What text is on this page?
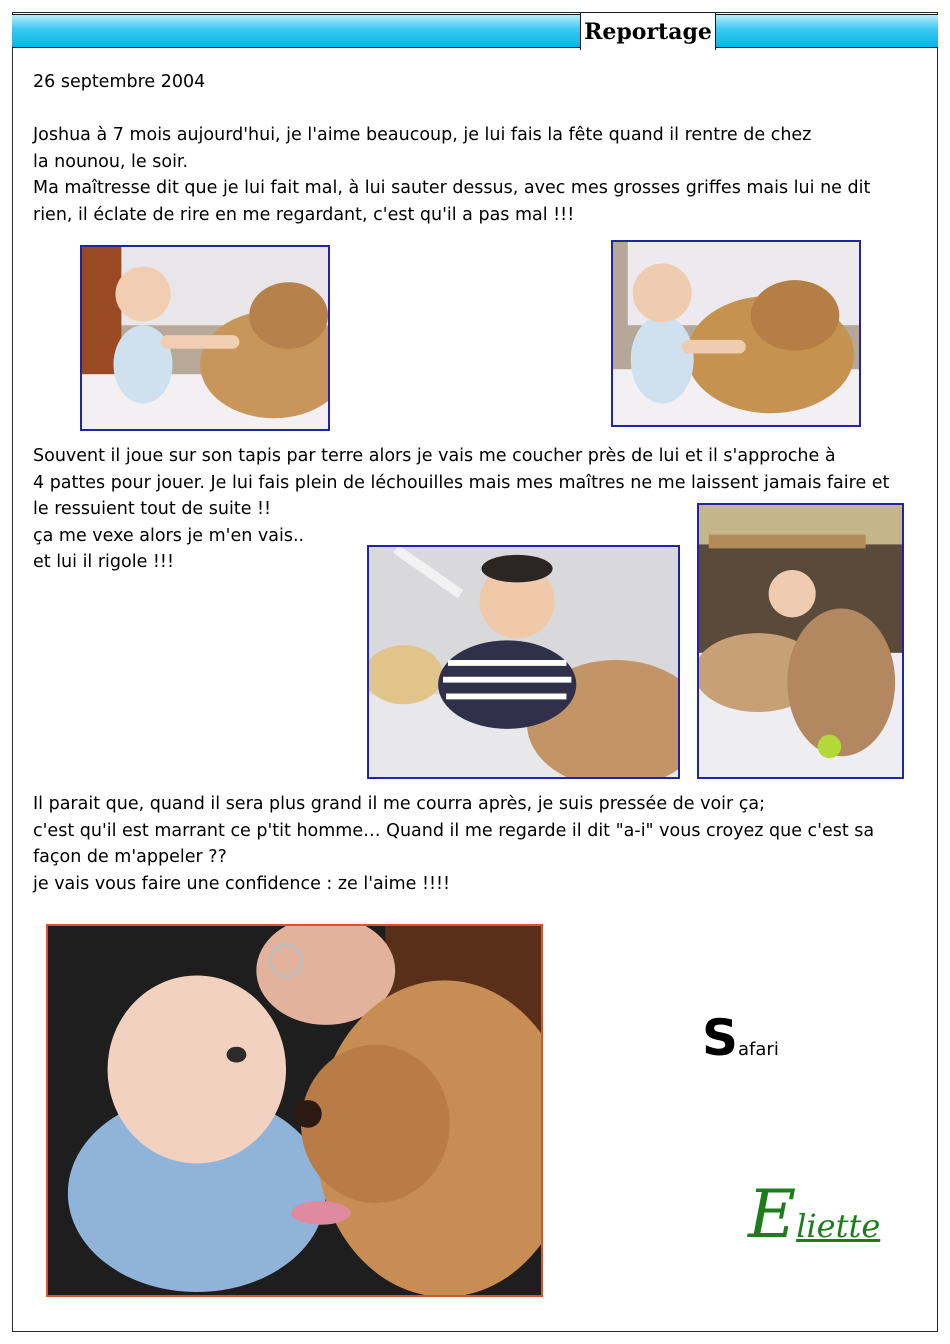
Reportage
26 septembre 2004
Joshua à 7 mois aujourd'hui, je l'aime beaucoup, je lui fais la fête quand il rentre de chez
la nounou, le soir.
Ma maîtresse dit que je lui fait mal, à lui sauter dessus, avec mes grosses griffes mais lui ne dit
rien, il éclate de rire en me regardant, c'est qu'il a pas mal !!!
Souvent il joue sur son tapis par terre alors je vais me coucher près de lui et il s'approche à
4 pattes pour jouer. Je lui fais plein de léchouilles mais mes maîtres ne me laissent jamais faire et
le ressuient tout de suite !!
ça me vexe alors je m'en vais..
et lui il rigole !!!
Il parait que, quand il sera plus grand il me courra après, je suis pressée de voir ça;
c'est qu'il est marrant ce p'tit homme… Quand il me regarde il dit "a-i" vous croyez que c'est sa
façon de m'appeler ??
je vais vous faire une confidence : ze l'aime !!!!
Safari
Eliette
